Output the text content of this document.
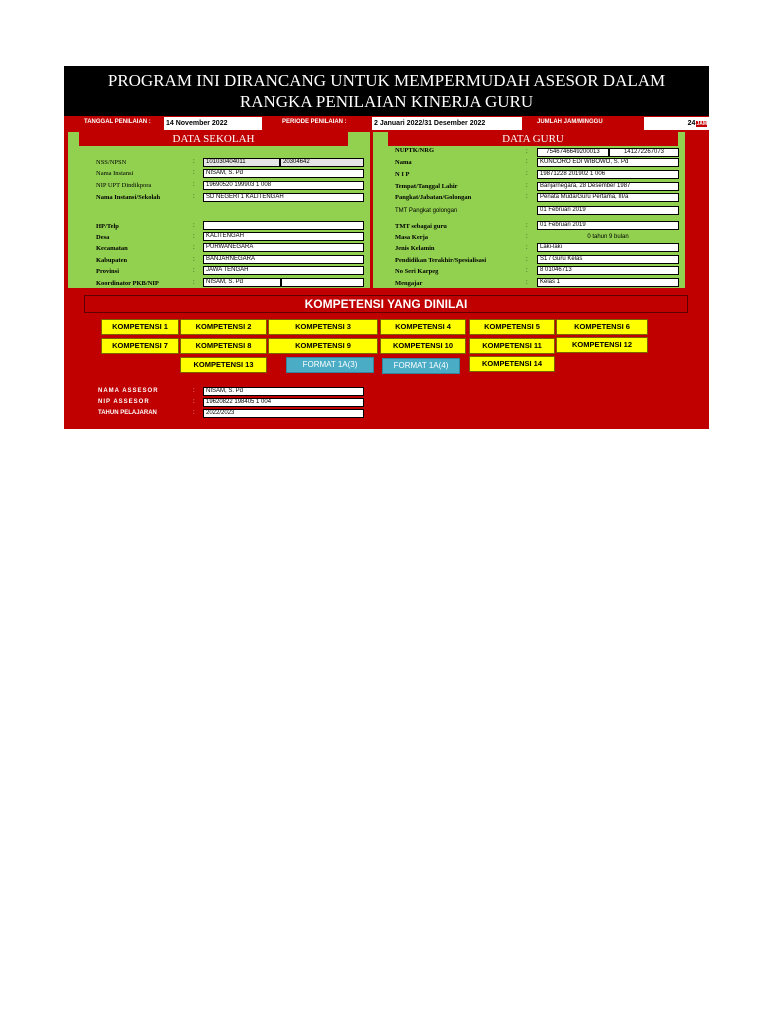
PROGRAM INI DIRANCANG UNTUK MEMPERMUDAH ASESOR DALAM
RANGKA PENILAIAN KINERJA GURU
TANGGAL PENILAIAN : 14 November 2022	PERIODE PENILAIAN :	2 Januari 2022/31 Desember 2022	JUMLAH JAM/MINGGU	24JAM
DATA SEKOLAH
NSS/NPSN	:	101030404011	20304642
Nama Instansi	:	NISAM, S. Pd
NIP UPT Dindikpora	:	19690520 199903 1 008
Nama Instansi/Sekolah	:	SD NEGERI 1 KALITENGAH
HP/Telp	:
Desa	:	KALITENGAH
Kecamatan	:	PURWANEGARA
Kabupaten	:	BANJARNEGARA
Provinsi	:	JAWA TENGAH
Koordinator PKB/NIP	:	NISAM, S. Pd
DATA GURU
NUPTK/NRG	:	7546746649200013	141272267073
Nama	:	KUNCORO EDI WIBOWO, S. Pd
N I P	:	19871228 201902 1 006
Tempat/Tanggal Lahir	:	Banjarnegara, 28 Desember 1987
Pangkat/Jabatan/Golongan	:	Penata Muda/Guru Pertama, III/a
TMT Pangkat golongan	01 Februari 2019
TMT sebagai guru	:	01 Februari 2019
Masa Kerja	:	0 tahun 9 bulan
Jenis Kelamin	:	Laki-laki
Pendidikan Terakhir/Spesialisasi	:	S1 / Guru Kelas
No Seri Karpeg	:	8 01046713
Mengajar	:	Kelas 1
KOMPETENSI YANG DINILAI
KOMPETENSI 1	KOMPETENSI 2	KOMPETENSI 3	KOMPETENSI 4	KOMPETENSI 5	KOMPETENSI 6
KOMPETENSI 7	KOMPETENSI 8	KOMPETENSI 9	KOMPETENSI 10	KOMPETENSI 11	KOMPETENSI 12
KOMPETENSI 13	FORMAT 1A(3)	FORMAT 1A(4)	KOMPETENSI 14
NAMA ASSESOR	:	NISAM, S. Pd
NIP ASSESOR	:	19620822 198405 1 004
TAHUN PELAJARAN	:	2022/2023
